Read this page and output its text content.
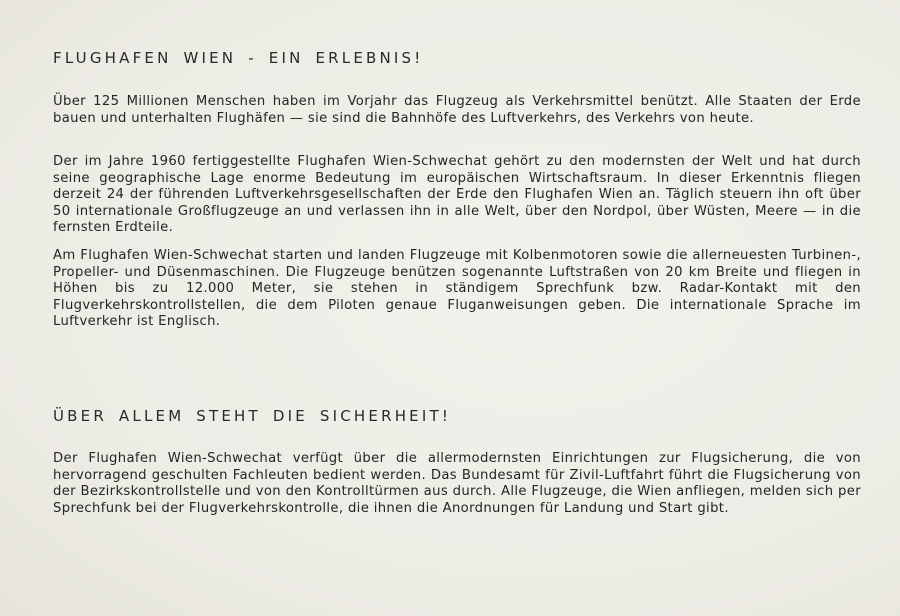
FLUGHAFEN WIEN - EIN ERLEBNIS!

Über 125 Millionen Menschen haben im Vorjahr das Flugzeug als Verkehrsmittel benützt. Alle Staaten der Erde bauen und unterhalten Flughäfen — sie sind die Bahnhöfe des Luftverkehrs, des Verkehrs von heute.

Der im Jahre 1960 fertiggestellte Flughafen Wien-Schwechat gehört zu den modernsten der Welt und hat durch seine geographische Lage enorme Bedeutung im europäischen Wirtschaftsraum. In dieser Erkenntnis fliegen derzeit 24 der führenden Luftverkehrsgesellschaften der Erde den Flughafen Wien an. Täglich steuern ihn oft über 50 internationale Großflugzeuge an und verlassen ihn in alle Welt, über den Nordpol, über Wüsten, Meere — in die fernsten Erdteile.

Am Flughafen Wien-Schwechat starten und landen Flugzeuge mit Kolbenmotoren sowie die allerneuesten Turbinen-, Propeller- und Düsenmaschinen. Die Flugzeuge benützen sogenannte Luftstraßen von 20 km Breite und fliegen in Höhen bis zu 12.000 Meter, sie stehen in ständigem Sprechfunk bzw. Radar-Kontakt mit den Flugverkehrskontrollstellen, die dem Piloten genaue Fluganweisungen geben. Die internationale Sprache im Luftverkehr ist Englisch.

ÜBER ALLEM STEHT DIE SICHERHEIT!

Der Flughafen Wien-Schwechat verfügt über die allermodernsten Einrichtungen zur Flugsicherung, die von hervorragend geschulten Fachleuten bedient werden. Das Bundesamt für Zivil-Luftfahrt führt die Flugsicherung von der Bezirkskontrollstelle und von den Kontrolltürmen aus durch. Alle Flugzeuge, die Wien anfliegen, melden sich per Sprechfunk bei der Flugverkehrskontrolle, die ihnen die Anordnungen für Landung und Start gibt.
